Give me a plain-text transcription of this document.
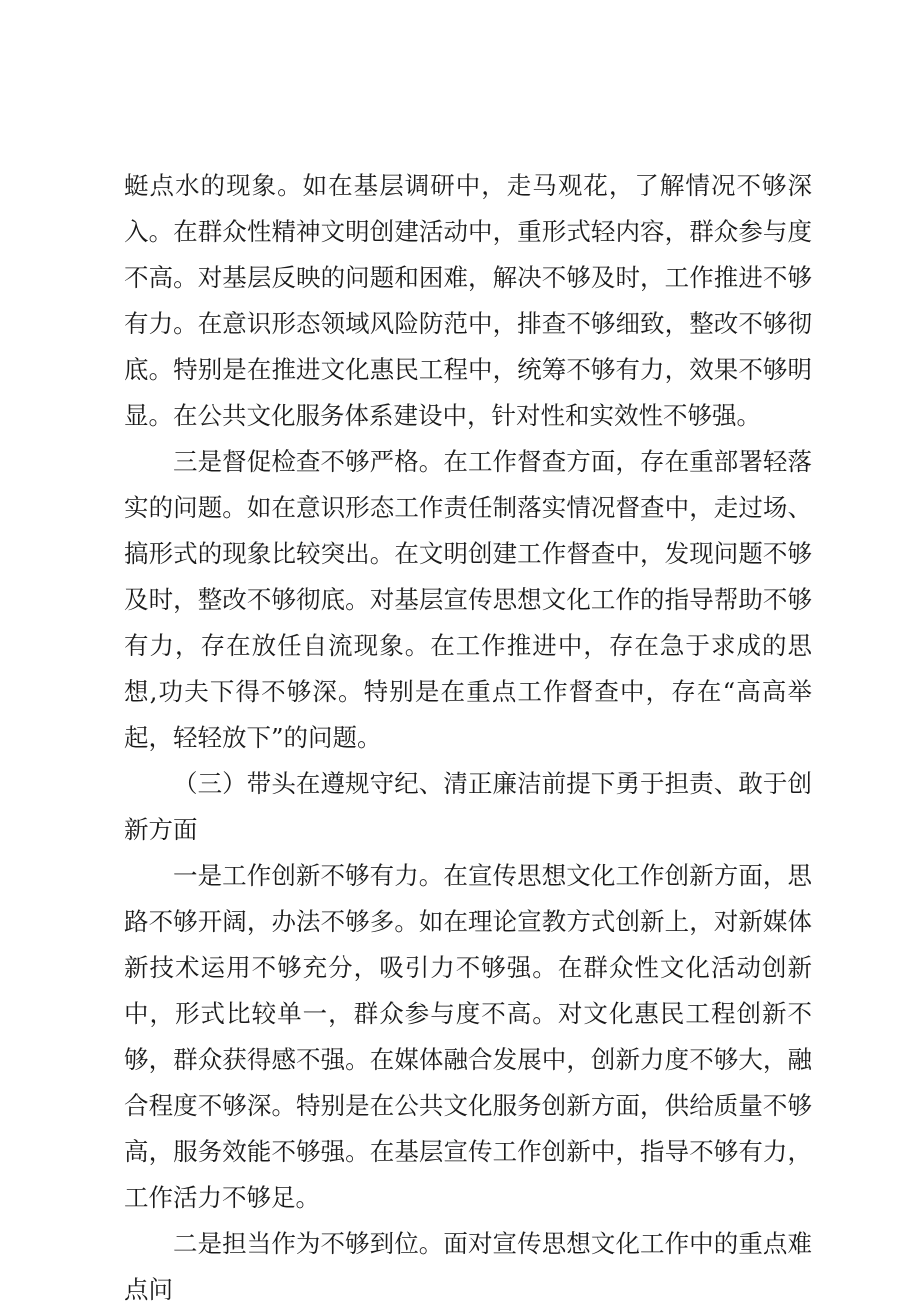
蜓点水的现象。如在基层调研中，走马观花，了解情况不够深入。在群众性精神文明创建活动中，重形式轻内容，群众参与度不高。对基层反映的问题和困难，解决不够及时，工作推进不够有力。在意识形态领域风险防范中，排查不够细致，整改不够彻底。特别是在推进文化惠民工程中，统筹不够有力，效果不够明显。在公共文化服务体系建设中，针对性和实效性不够强。

三是督促检查不够严格。在工作督查方面，存在重部署轻落实的问题。如在意识形态工作责任制落实情况督查中，走过场、搞形式的现象比较突出。在文明创建工作督查中，发现问题不够及时，整改不够彻底。对基层宣传思想文化工作的指导帮助不够有力，存在放任自流现象。在工作推进中，存在急于求成的思想,功夫下得不够深。特别是在重点工作督查中，存在“高高举起，轻轻放下”的问题。

（三）带头在遵规守纪、清正廉洁前提下勇于担责、敢于创新方面

一是工作创新不够有力。在宣传思想文化工作创新方面，思路不够开阔，办法不够多。如在理论宣教方式创新上，对新媒体新技术运用不够充分，吸引力不够强。在群众性文化活动创新中，形式比较单一，群众参与度不高。对文化惠民工程创新不够，群众获得感不强。在媒体融合发展中，创新力度不够大，融合程度不够深。特别是在公共文化服务创新方面，供给质量不够高，服务效能不够强。在基层宣传工作创新中，指导不够有力，工作活力不够足。

二是担当作为不够到位。面对宣传思想文化工作中的重点难点问
